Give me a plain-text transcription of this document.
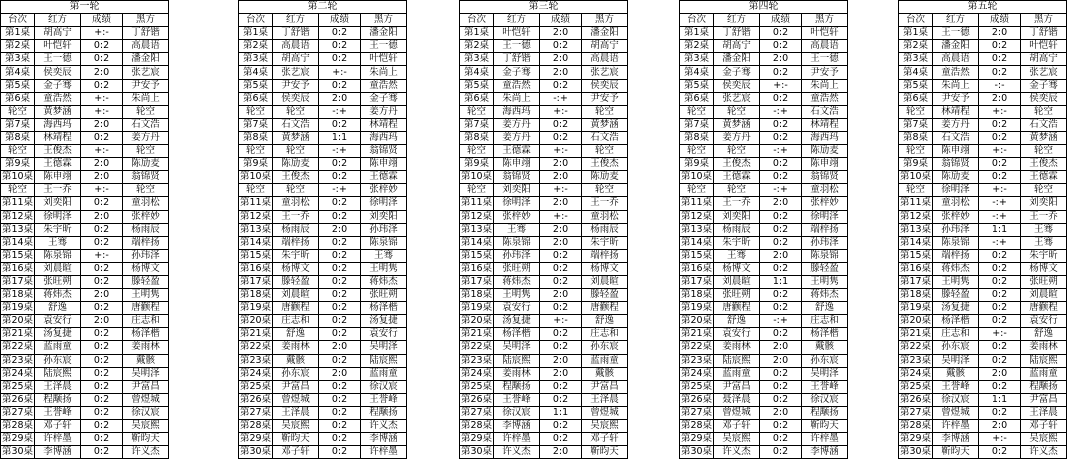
第一轮			
台次	红方	成绩	黑方
第1桌	胡高宁	+:-	丁舒锴
第2桌	叶恺轩	0:2	高晨语
第3桌	王一德	0:2	潘金阳
第4桌	侯奕辰	2:0	张艺宸
第5桌	金子骞	0:2	尹安予
第6桌	童浩然	+:-	朱尚上
轮空	黄梦涵	+:-	轮空
第7桌	海西玛	2:0	石文浩
第8桌	林靖程	0:2	姜方丹
轮空	王俊杰	+:-	轮空
第9桌	王德霖	2:0	陈劢麦
第10桌	陈申翊	2:0	翁锦贤
轮空	王一乔	+:-	轮空
第11桌	刘奕阳	0:2	童羽松
第12桌	徐明泽	2:0	张梓妙
第13桌	朱宇昕	0:2	杨雨辰
第14桌	王骞	0:2	端梓扬
第15桌	陈泉锦	+:-	孙玮泽
第16桌	刘晨暄	0:2	杨博文
第17桌	张旺朔	0:2	滕轻盈
第18桌	蒋炜杰	2:0	王明隽
第19桌	舒逸	0:2	唐颧程
第20桌	袁安行	2:0	庄志和
第21桌	汤复捷	0:2	杨泽楷
第22桌	蓝雨童	0:2	姜雨林
第23桌	孙东宸	0:2	戴骸
第24桌	陆宸熙	0:2	吴明泽
第25桌	王泽晨	0:2	尹富昌
第26桌	程颙扬	0:2	曾煜城
第27桌	王誉峰	0:2	徐汉宸
第28桌	邓子轩	0:2	吴宸熙
第29桌	许梓墨	0:2	靳昀天
第30桌	李博涵	0:2	许义杰
第二轮			
台次	红方	成绩	黑方
第1桌	丁舒锴	0:2	潘金阳
第2桌	高晨语	0:2	王一德
第3桌	胡高宁	0:2	叶恺轩
第4桌	张艺宸	+:-	朱尚上
第5桌	尹安予	0:2	童浩然
第6桌	侯奕辰	2:0	金子骞
轮空	轮空	-:+	姜方丹
第7桌	石文浩	0:2	林靖程
第8桌	黄梦涵	1:1	海西玛
轮空	轮空	-:+	翁锦贤
第9桌	陈劢麦	0:2	陈申翊
第10桌	王俊杰	0:2	王德霖
轮空	轮空	-:+	张梓妙
第11桌	童羽松	0:2	徐明泽
第12桌	王一乔	0:2	刘奕阳
第13桌	杨雨辰	2:0	孙玮泽
第14桌	端梓扬	0:2	陈泉锦
第15桌	朱宇昕	0:2	王骞
第16桌	杨博文	0:2	王明隽
第17桌	滕轻盈	0:2	蒋炜杰
第18桌	刘晨暄	0:2	张旺朔
第19桌	唐颧程	0:2	杨泽楷
第20桌	庄志和	0:2	汤复捷
第21桌	舒逸	0:2	袁安行
第22桌	姜雨林	2:0	吴明泽
第23桌	戴骸	0:2	陆宸熙
第24桌	孙东宸	2:0	蓝雨童
第25桌	尹富昌	0:2	徐汉宸
第26桌	曾煜城	0:2	王誉峰
第27桌	王泽晨	0:2	程颙扬
第28桌	吴宸熙	0:2	许义杰
第29桌	靳昀天	0:2	李博涵
第30桌	邓子轩	0:2	许梓墨
第三轮			
台次	红方	成绩	黑方
第1桌	叶恺轩	2:0	潘金阳
第2桌	王一德	0:2	胡高宁
第3桌	丁舒锴	2:0	高晨语
第4桌	金子骞	2:0	张艺宸
第5桌	童浩然	0:2	侯奕辰
第6桌	朱尚上	-:+	尹安予
轮空	海西玛	+:-	轮空
第7桌	姜方丹	0:2	黄梦涵
第8桌	姜方丹	0:2	石文浩
轮空	王德霖	+:-	轮空
第9桌	陈申翊	2:0	王俊杰
第10桌	翁锦贤	2:0	陈劢麦
轮空	刘奕阳	+:-	轮空
第11桌	徐明泽	2:0	王一乔
第12桌	张梓妙	+:-	童羽松
第13桌	王骞	2:0	杨雨辰
第14桌	陈泉锦	2:0	朱宇昕
第15桌	孙玮泽	0:2	端梓扬
第16桌	张旺朔	0:2	杨博文
第17桌	蒋炜杰	0:2	刘晨暄
第18桌	王明隽	2:0	滕轻盈
第19桌	袁安行	0:2	唐颧程
第20桌	汤复捷	+:-	舒逸
第21桌	杨泽楷	0:2	庄志和
第22桌	吴明泽	0:2	孙东宸
第23桌	陆宸熙	2:0	蓝雨童
第24桌	姜雨林	2:0	戴骸
第25桌	程颙扬	0:2	尹富昌
第26桌	王誉峰	0:2	王泽晨
第27桌	徐汉宸	1:1	曾煜城
第28桌	李博涵	0:2	吴宸熙
第29桌	许梓墨	0:2	邓子轩
第30桌	许义杰	2:0	靳昀天
第四轮			
台次	红方	成绩	黑方
第1桌	丁舒锴	0:2	叶恺轩
第2桌	胡高宁	0:2	高晨语
第3桌	潘金阳	2:0	王一德
第4桌	金子骞	0:2	尹安予
第5桌	侯奕辰	+:-	朱尚上
第6桌	张艺宸	0:2	童浩然
轮空	轮空	-:+	石文浩
第7桌	黄梦涵	0:2	林靖程
第8桌	姜方丹	0:2	海西玛
轮空	轮空	-:+	陈劢麦
第9桌	王俊杰	0:2	陈申翊
第10桌	王德霖	0:2	翁锦贤
轮空	轮空	-:+	童羽松
第11桌	王一乔	2:0	张梓妙
第12桌	刘奕阳	0:2	徐明泽
第13桌	杨雨辰	0:2	端梓扬
第14桌	朱宇昕	0:2	孙玮泽
第15桌	王骞	2:0	陈泉锦
第16桌	杨博文	0:2	滕轻盈
第17桌	刘晨暄	1:1	王明隽
第18桌	张旺朔	0:2	蒋炜杰
第19桌	唐颧程	0:2	舒逸
第20桌	舒逸	-:+	庄志和
第21桌	袁安行	0:2	杨泽楷
第22桌	姜雨林	2:0	戴骸
第23桌	陆宸熙	2:0	孙东宸
第24桌	蓝雨童	0:2	吴明泽
第25桌	尹富昌	0:2	王誉峰
第26桌	聂泽晨	0:2	徐汉宸
第27桌	曾煜城	2:0	程颙扬
第28桌	邓子轩	0:2	靳昀天
第29桌	吴宸熙	0:2	许梓墨
第30桌	许义杰	0:2	李博涵
第五轮			
台次	红方	成绩	黑方
第1桌	王一德	2:0	丁舒锴
第2桌	潘金阳	0:2	叶恺轩
第3桌	高晨语	0:2	胡高宁
第4桌	童浩然	0:2	张艺宸
第5桌	朱尚上	-:-	金子骞
第6桌	尹安予	2:0	侯奕辰
轮空	林靖程	+:-	轮空
第7桌	姜方丹	0:2	石文浩
第8桌	石文浩	0:2	黄梦涵
轮空	陈申翊	+:-	轮空
第9桌	翁锦贤	0:2	王俊杰
第10桌	陈劢麦	0:2	王德霖
轮空	徐明泽	+:-	轮空
第11桌	童羽松	-:+	刘奕阳
第12桌	张梓妙	-:+	王一乔
第13桌	孙玮泽	1:1	王骞
第14桌	陈泉锦	-:+	王骞
第15桌	端梓扬	0:2	朱宇昕
第16桌	蒋炜杰	0:2	杨博文
第17桌	王明隽	0:2	张旺朔
第18桌	滕轻盈	0:2	刘晨暄
第19桌	汤复捷	0:2	唐颧程
第20桌	杨泽楷	0:2	袁安行
第21桌	庄志和	+:-	舒逸
第22桌	孙东宸	0:2	姜雨林
第23桌	吴明泽	0:2	陆宸熙
第24桌	戴骸	2:0	蓝雨童
第25桌	王誉峰	0:2	程颙扬
第26桌	徐汉宸	1:1	尹富昌
第27桌	曾煜城	0:2	王泽晨
第28桌	许梓墨	2:0	邓子轩
第29桌	李博涵	+:-	吴宸熙
第30桌	靳昀天	0:2	许义杰
